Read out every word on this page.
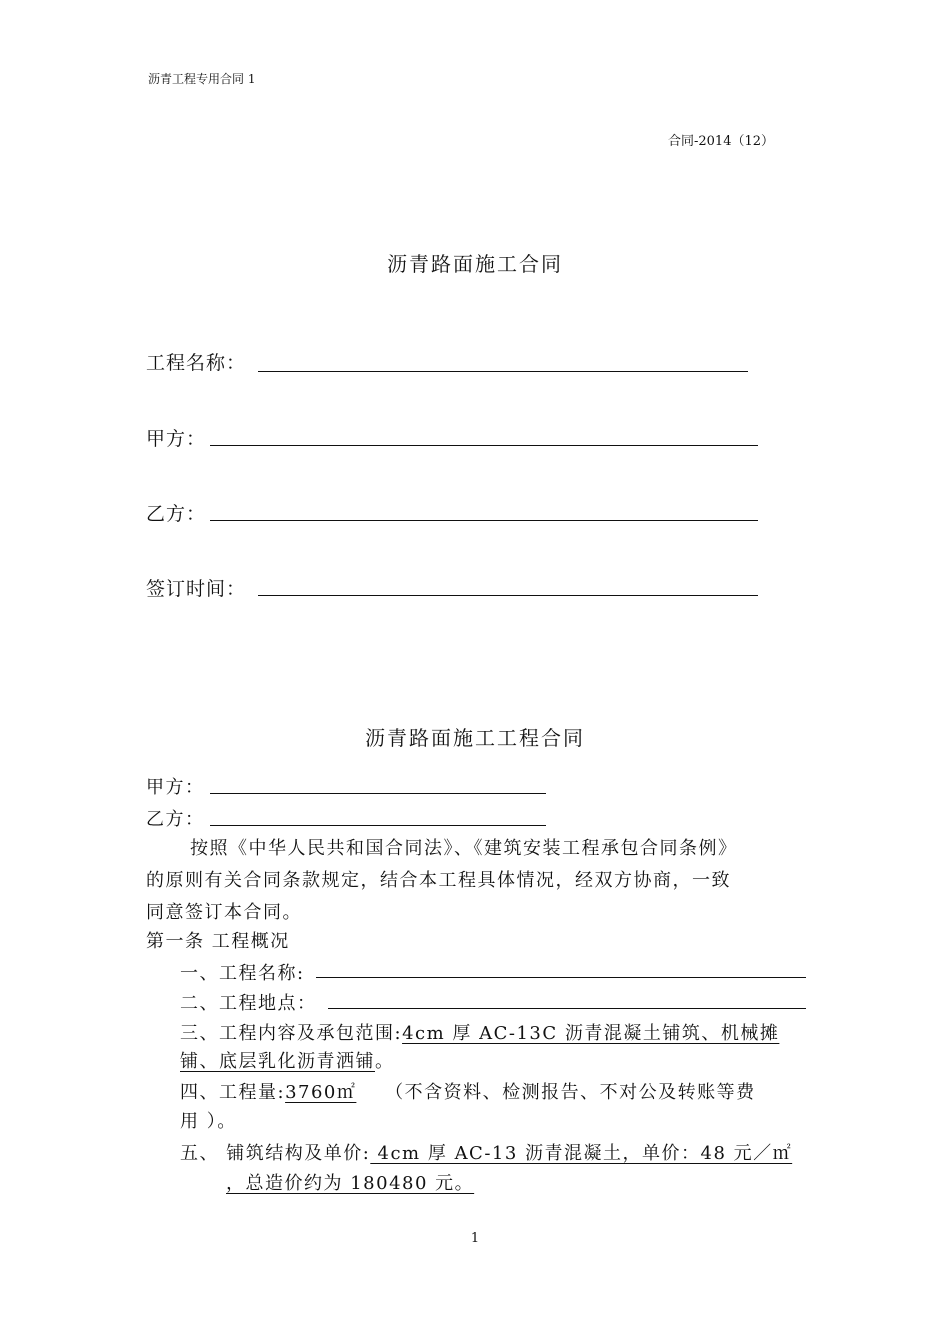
沥青工程专用合同 1
合同-2014（12）
沥青路面施工合同
工程名称：
甲方：
乙方：
签订时间：
沥青路面施工工程合同
甲方：
乙方：
按照《中华人民共和国合同法》、《建筑安装工程承包合同条例》
的原则有关合同条款规定，结合本工程具体情况，经双方协商，一致
同意签订本合同。
第一条 工程概况
一、工程名称:
二、工程地点：
三、工程内容及承包范围:4cm 厚 AC-13C 沥青混凝土铺筑、机械摊
铺、底层乳化沥青洒铺。
四、工程量:3760㎡ （不含资料、检测报告、不对公及转账等费
用 ）。
五、 铺筑结构及单价: 4cm 厚 AC-13 沥青混凝土，单价：48 元／㎡
，总造价约为 180480 元。
1
